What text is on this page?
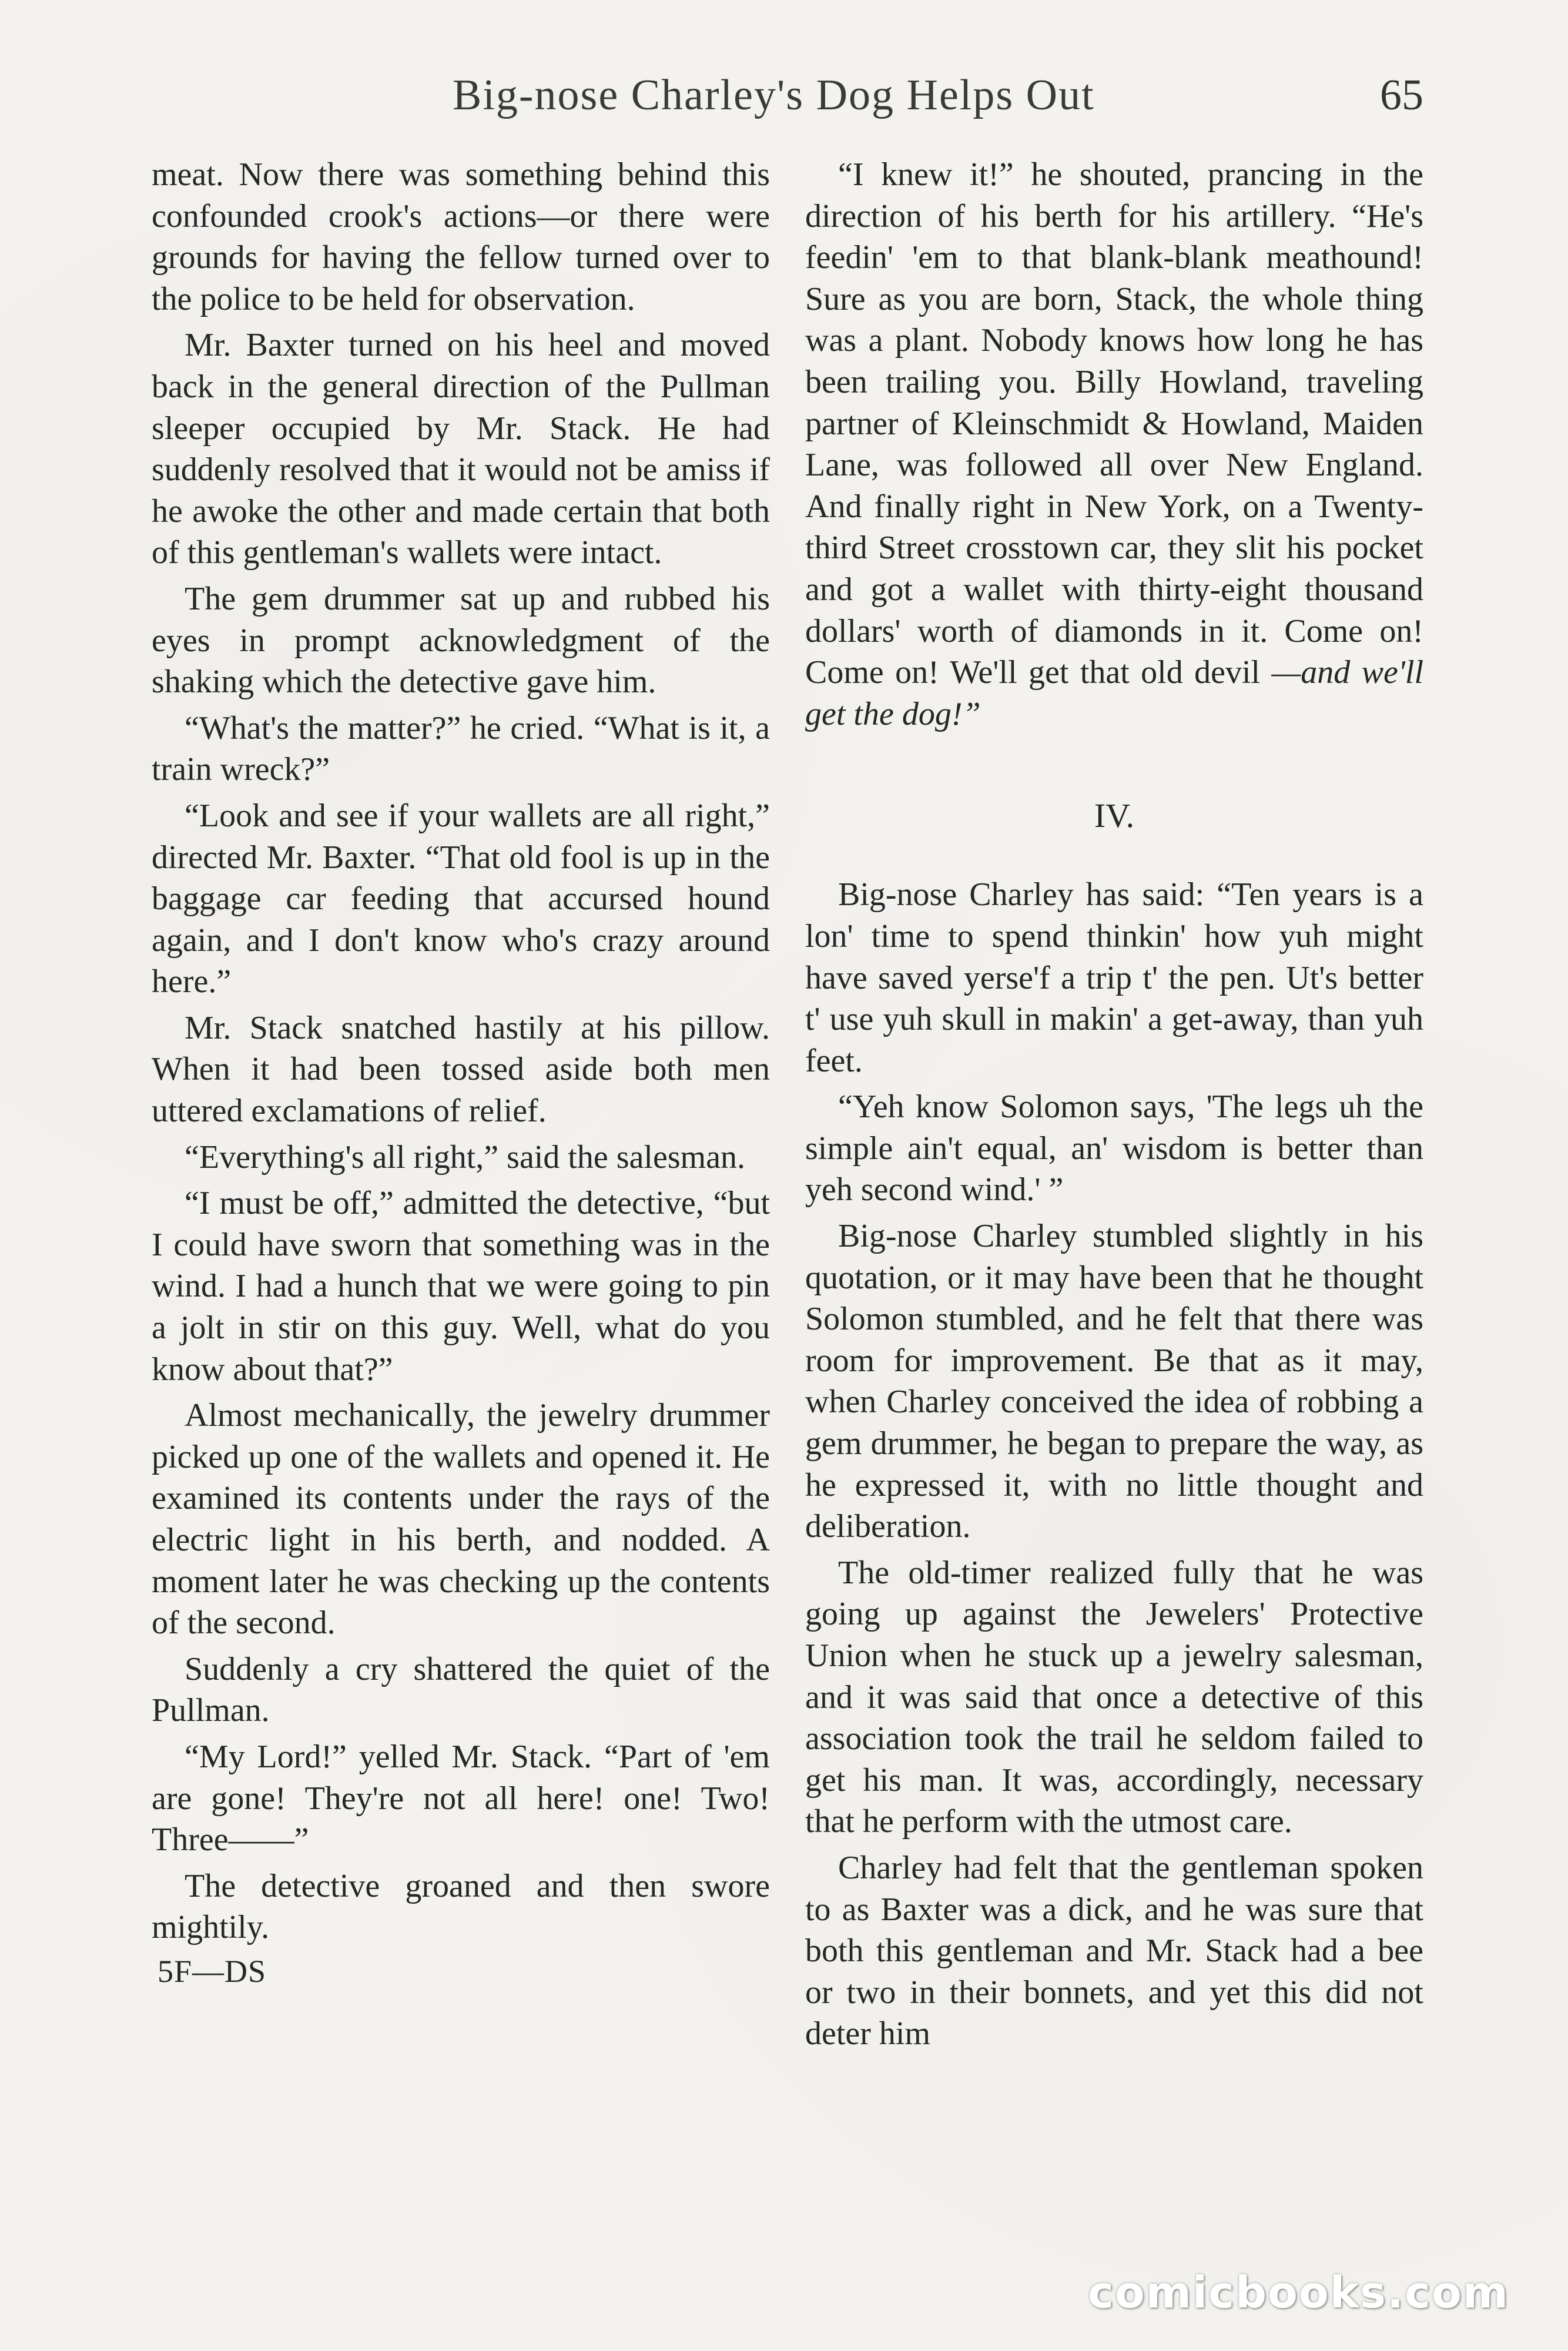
Big-nose Charley's Dog Helps Out	65

meat. Now there was something behind this confounded crook's actions—or there were grounds for having the fellow turned over to the police to be held for observation.

Mr. Baxter turned on his heel and moved back in the general direction of the Pullman sleeper occupied by Mr. Stack. He had suddenly resolved that it would not be amiss if he awoke the other and made certain that both of this gentleman's wallets were intact.

The gem drummer sat up and rubbed his eyes in prompt acknowledgment of the shaking which the detective gave him.

“What's the matter?” he cried. “What is it, a train wreck?”

“Look and see if your wallets are all right,” directed Mr. Baxter. “That old fool is up in the baggage car feeding that accursed hound again, and I don't know who's crazy around here.”

Mr. Stack snatched hastily at his pillow. When it had been tossed aside both men uttered exclamations of relief.

“Everything's all right,” said the salesman.

“I must be off,” admitted the detective, “but I could have sworn that something was in the wind. I had a hunch that we were going to pin a jolt in stir on this guy. Well, what do you know about that?”

Almost mechanically, the jewelry drummer picked up one of the wallets and opened it. He examined its contents under the rays of the electric light in his berth, and nodded. A moment later he was checking up the contents of the second.

Suddenly a cry shattered the quiet of the Pullman.

“My Lord!” yelled Mr. Stack. “Part of 'em are gone! They're not all here! one! Two! Three——”

The detective groaned and then swore mightily.

5F—DS

“I knew it!” he shouted, prancing in the direction of his berth for his artillery. “He's feedin' 'em to that blank-blank meathound! Sure as you are born, Stack, the whole thing was a plant. Nobody knows how long he has been trailing you. Billy Howland, traveling partner of Kleinschmidt & Howland, Maiden Lane, was followed all over New England. And finally right in New York, on a Twenty-third Street crosstown car, they slit his pocket and got a wallet with thirty-eight thousand dollars' worth of diamonds in it. Come on! Come on! We'll get that old devil —and we'll get the dog!”

IV.

Big-nose Charley has said: “Ten years is a lon' time to spend thinkin' how yuh might have saved yerse'f a trip t' the pen. Ut's better t' use yuh skull in makin' a get-away, than yuh feet.

“Yeh know Solomon says, 'The legs uh the simple ain't equal, an' wisdom is better than yeh second wind.' ”

Big-nose Charley stumbled slightly in his quotation, or it may have been that he thought Solomon stumbled, and he felt that there was room for improvement. Be that as it may, when Charley conceived the idea of robbing a gem drummer, he began to prepare the way, as he expressed it, with no little thought and deliberation.

The old-timer realized fully that he was going up against the Jewelers' Protective Union when he stuck up a jewelry salesman, and it was said that once a detective of this association took the trail he seldom failed to get his man. It was, accordingly, necessary that he perform with the utmost care.

Charley had felt that the gentleman spoken to as Baxter was a dick, and he was sure that both this gentleman and Mr. Stack had a bee or two in their bonnets, and yet this did not deter him

comicbooks.com
